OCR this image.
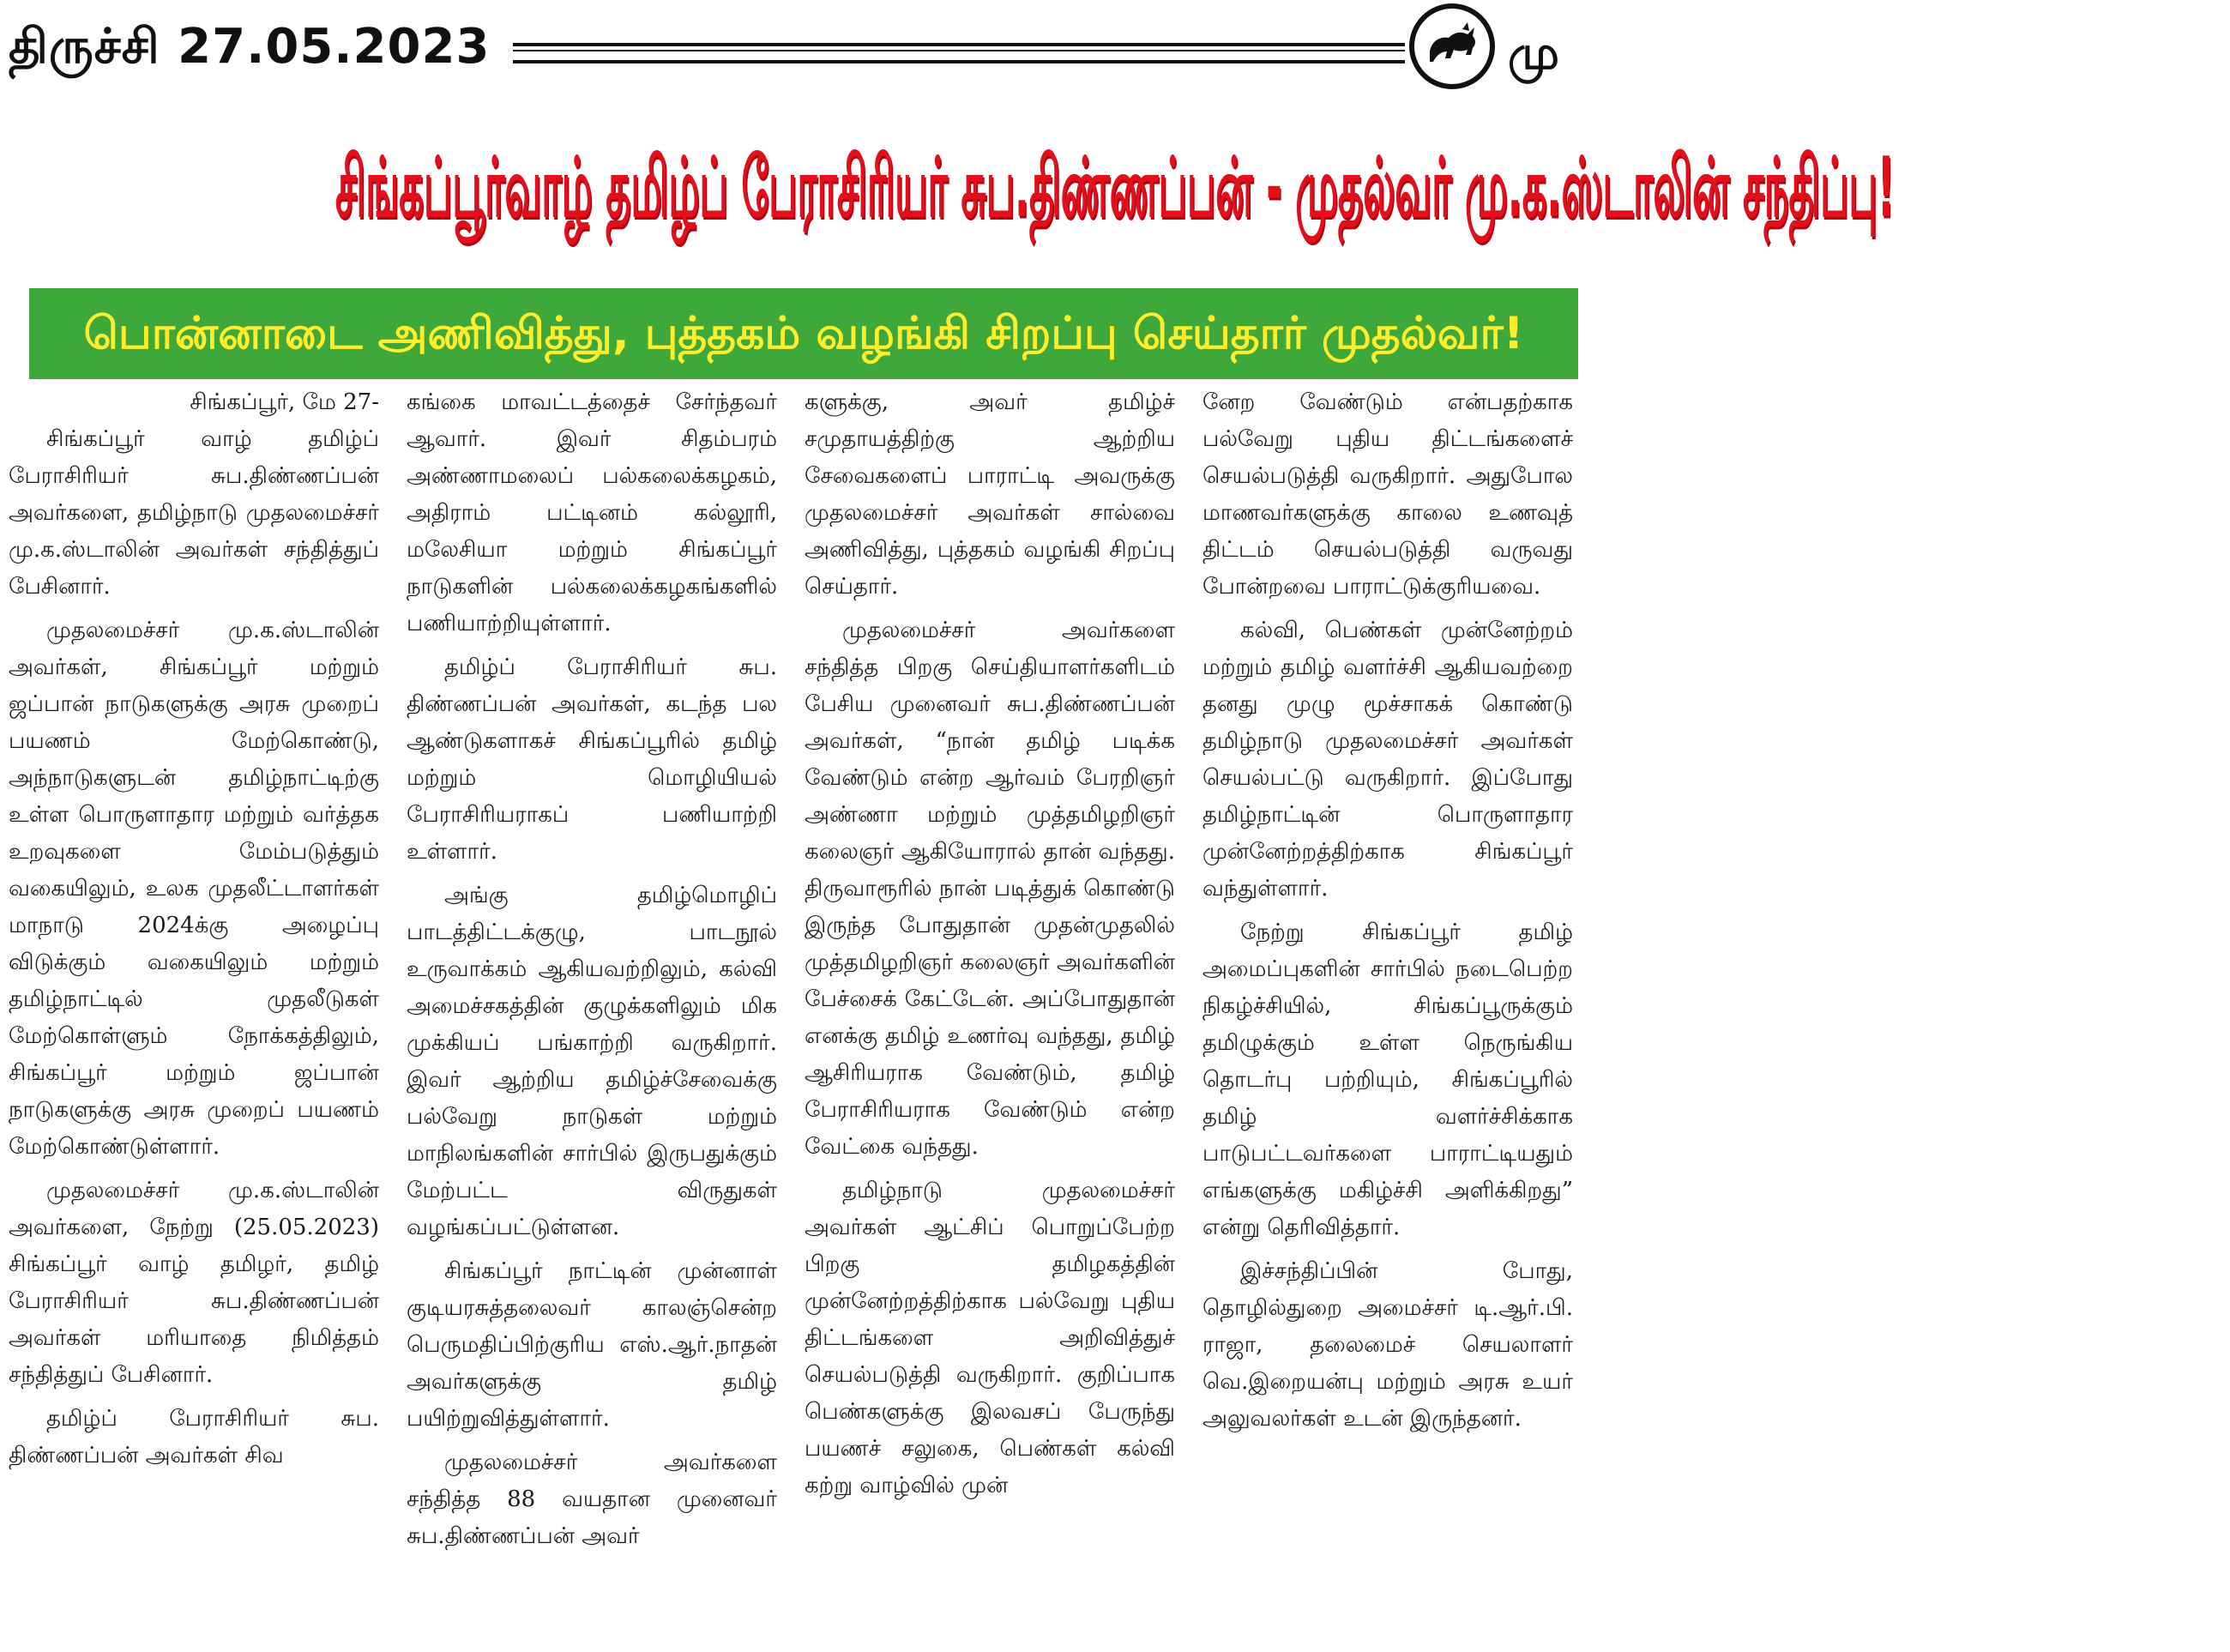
திருச்சி 27.05.2023	மு
சிங்கப்பூர்வாழ் தமிழ்ப் பேராசிரியர் சுப.திண்ணப்பன் - முதல்வர் மு.க.ஸ்டாலின் சந்திப்பு!
பொன்னாடை அணிவித்து, புத்தகம் வழங்கி சிறப்பு செய்தார் முதல்வர்!

சிங்கப்பூர், மே 27-

சிங்கப்பூர் வாழ் தமிழ்ப் பேராசிரியர் சுப.திண்ணப்பன் அவர்களை, தமிழ்நாடு முதலமைச்சர் மு.க.ஸ்டாலின் அவர்கள் சந்தித்துப் பேசினார்.

முதலமைச்சர் மு.க.ஸ்டாலின் அவர்கள், சிங்கப்பூர் மற்றும் ஜப்பான் நாடுகளுக்கு அரசு முறைப் பயணம் மேற்கொண்டு, அந்நாடுகளுடன் தமிழ்நாட்டிற்கு உள்ள பொருளாதார மற்றும் வர்த்தக உறவுகளை மேம்படுத்தும் வகையிலும், உலக முதலீட்டாளர்கள் மாநாடு 2024க்கு அழைப்பு விடுக்கும் வகையிலும் மற்றும் தமிழ்நாட்டில் முதலீடுகள் மேற்கொள்ளும் நோக்கத்திலும், சிங்கப்பூர் மற்றும் ஜப்பான் நாடுகளுக்கு அரசு முறைப் பயணம் மேற்கொண்டுள்ளார்.

முதலமைச்சர் மு.க.ஸ்டாலின் அவர்களை, நேற்று (25.05.2023) சிங்கப்பூர் வாழ் தமிழர், தமிழ் பேராசிரியர் சுப.திண்ணப்பன் அவர்கள் மரியாதை நிமித்தம் சந்தித்துப் பேசினார்.

தமிழ்ப் பேராசிரியர் சுப. திண்ணப்பன் அவர்கள் சிவ

கங்கை மாவட்டத்தைச் சேர்ந்தவர் ஆவார். இவர் சிதம்பரம் அண்ணாமலைப் பல்கலைக்கழகம், அதிராம் பட்டினம் கல்லூரி, மலேசியா மற்றும் சிங்கப்பூர் நாடுகளின் பல்கலைக்கழகங்களில் பணியாற்றியுள்ளார்.

தமிழ்ப் பேராசிரியர் சுப. திண்ணப்பன் அவர்கள், கடந்த பல ஆண்டுகளாகச் சிங்கப்பூரில் தமிழ் மற்றும் மொழியியல் பேராசிரியராகப் பணியாற்றி உள்ளார்.

அங்கு தமிழ்மொழிப் பாடத்திட்டக்குழு, பாடநூல் உருவாக்கம் ஆகியவற்றிலும், கல்வி அமைச்சகத்தின் குழுக்களிலும் மிக முக்கியப் பங்காற்றி வருகிறார். இவர் ஆற்றிய தமிழ்ச்சேவைக்கு பல்வேறு நாடுகள் மற்றும் மாநிலங்களின் சார்பில் இருபதுக்கும் மேற்பட்ட விருதுகள் வழங்கப்பட்டுள்ளன.

சிங்கப்பூர் நாட்டின் முன்னாள் குடியரசுத்தலைவர் காலஞ்சென்ற பெருமதிப்பிற்குரிய எஸ்.ஆர்.நாதன் அவர்களுக்கு தமிழ் பயிற்றுவித்துள்ளார்.

முதலமைச்சர் அவர்களை சந்தித்த 88 வயதான முனைவர் சுப.திண்ணப்பன் அவர்

களுக்கு, அவர் தமிழ்ச் சமுதாயத்திற்கு ஆற்றிய சேவைகளைப் பாராட்டி அவருக்கு முதலமைச்சர் அவர்கள் சால்வை அணிவித்து, புத்தகம் வழங்கி சிறப்பு செய்தார்.

முதலமைச்சர் அவர்களை சந்தித்த பிறகு செய்தியாளர்களிடம் பேசிய முனைவர் சுப.திண்ணப்பன் அவர்கள், “நான் தமிழ் படிக்க வேண்டும் என்ற ஆர்வம் பேரறிஞர் அண்ணா மற்றும் முத்தமிழறிஞர் கலைஞர் ஆகியோரால் தான் வந்தது. திருவாரூரில் நான் படித்துக் கொண்டு இருந்த போதுதான் முதன்முதலில் முத்தமிழறிஞர் கலைஞர் அவர்களின் பேச்சைக் கேட்டேன். அப்போதுதான் எனக்கு தமிழ் உணர்வு வந்தது, தமிழ் ஆசிரியராக வேண்டும், தமிழ் பேராசிரியராக வேண்டும் என்ற வேட்கை வந்தது.

தமிழ்நாடு முதலமைச்சர் அவர்கள் ஆட்சிப் பொறுப்பேற்ற பிறகு தமிழகத்தின் முன்னேற்றத்திற்காக பல்வேறு புதிய திட்டங்களை அறிவித்துச் செயல்படுத்தி வருகிறார். குறிப்பாக பெண்களுக்கு இலவசப் பேருந்து பயணச் சலுகை, பெண்கள் கல்வி கற்று வாழ்வில் முன்

னேற வேண்டும் என்பதற்காக பல்வேறு புதிய திட்டங்களைச் செயல்படுத்தி வருகிறார். அதுபோல மாணவர்களுக்கு காலை உணவுத் திட்டம் செயல்படுத்தி வருவது போன்றவை பாராட்டுக்குரியவை.

கல்வி, பெண்கள் முன்னேற்றம் மற்றும் தமிழ் வளர்ச்சி ஆகியவற்றை தனது முழு மூச்சாகக் கொண்டு தமிழ்நாடு முதலமைச்சர் அவர்கள் செயல்பட்டு வருகிறார். இப்போது தமிழ்நாட்டின் பொருளாதார முன்னேற்றத்திற்காக சிங்கப்பூர் வந்துள்ளார்.

நேற்று சிங்கப்பூர் தமிழ் அமைப்புகளின் சார்பில் நடைபெற்ற நிகழ்ச்சியில், சிங்கப்பூருக்கும் தமிழுக்கும் உள்ள நெருங்கிய தொடர்பு பற்றியும், சிங்கப்பூரில் தமிழ் வளர்ச்சிக்காக பாடுபட்டவர்களை பாராட்டியதும் எங்களுக்கு மகிழ்ச்சி அளிக்கிறது” என்று தெரிவித்தார்.

இச்சந்திப்பின் போது, தொழில்துறை அமைச்சர் டி.ஆர்.பி. ராஜா, தலைமைச் செயலாளர் வெ.இறையன்பு மற்றும் அரசு உயர் அலுவலர்கள் உடன் இருந்தனர்.
